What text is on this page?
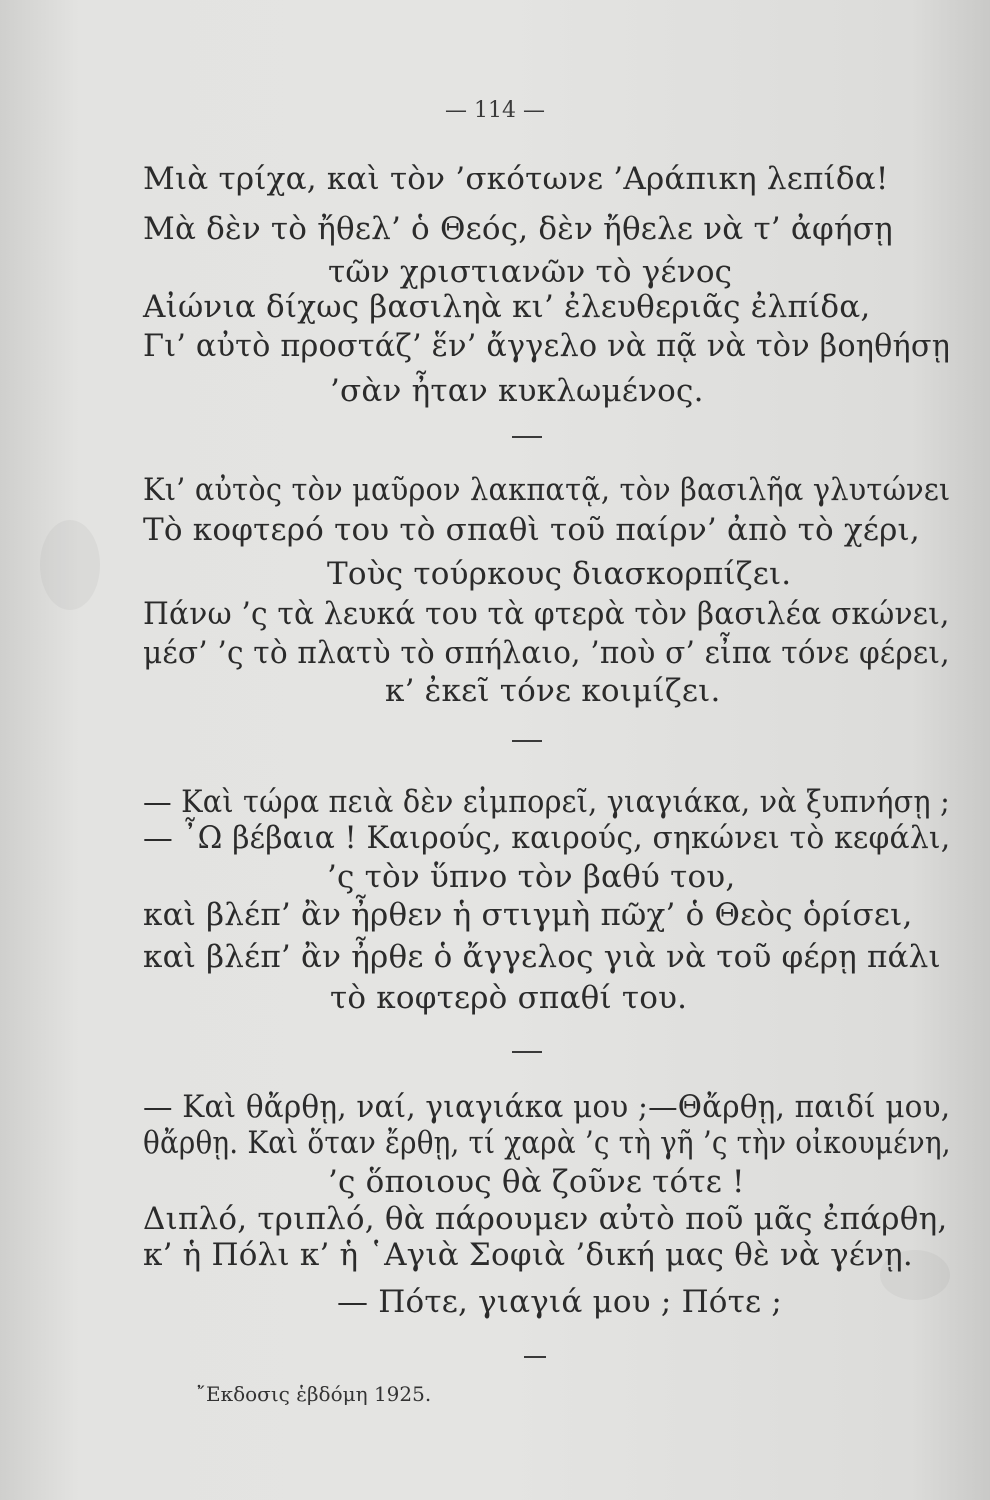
— 114 —
Μιὰ τρίχα, καὶ τὸν ’σκότωνε ’Αράπικη λεπίδα!
Μὰ δὲν τὸ ἤθελ’ ὁ Θεός, δὲν ἤθελε νὰ τ’ ἀφήσῃ
τῶν χριστιανῶν τὸ γένος
Αἰώνια δίχως βασιληὰ κι’ ἐλευθεριᾶς ἐλπίδα,
Γι’ αὐτὸ προστάζ’ ἕν’ ἄγγελο νὰ πᾷ νὰ τὸν βοηθήσῃ
’σὰν ἦταν κυκλωμένος.
Κι’ αὐτὸς τὸν μαῦρον λακπατᾷ, τὸν βασιλῆα γλυτώνει
Τὸ κοφτερό του τὸ σπαθὶ τοῦ παίρν’ ἀπὸ τὸ χέρι,
Τοὺς τούρκους διασκορπίζει.
Πάνω ’ς τὰ λευκά του τὰ φτερὰ τὸν βασιλέα σκώνει,
μέσ’ ’ς τὸ πλατὺ τὸ σπήλαιο, ’ποὺ σ’ εἶπα τόνε φέρει,
κ’ ἐκεῖ τόνε κοιμίζει.
— Καὶ τώρα πειὰ δὲν εἰμπορεῖ, γιαγιάκα, νὰ ξυπνήσῃ ;
— ῏Ω βέβαια ! Καιρούς, καιρούς, σηκώνει τὸ κεφάλι,
’ς τὸν ὕπνο τὸν βαθύ του,
καὶ βλέπ’ ἂν ἦρθεν ἡ στιγμὴ πῶχ’ ὁ Θεὸς ὁρίσει,
καὶ βλέπ’ ἂν ἦρθε ὁ ἄγγελος γιὰ νὰ τοῦ φέρῃ πάλι
τὸ κοφτερὸ σπαθί του.
— Καὶ θἄρθῃ, ναί, γιαγιάκα μου ;—Θἄρθῃ, παιδί μου,
θἄρθῃ. Καὶ ὅταν ἔρθῃ, τί χαρὰ ’ς τὴ γῆ ’ς τὴν οἰκουμένη,
’ς ὅποιους θὰ ζοῦνε τότε !
Διπλό, τριπλό, θὰ πάρουμεν αὐτὸ ποῦ μᾶς ἐπάρθη,
κ’ ἡ Πόλι κ’ ἡ ῾Αγιὰ Σοφιὰ ’δική μας θὲ νὰ γένῃ.
— Πότε, γιαγιά μου ; Πότε ;
῎Εκδοσις ἑβδόμη 1925.
